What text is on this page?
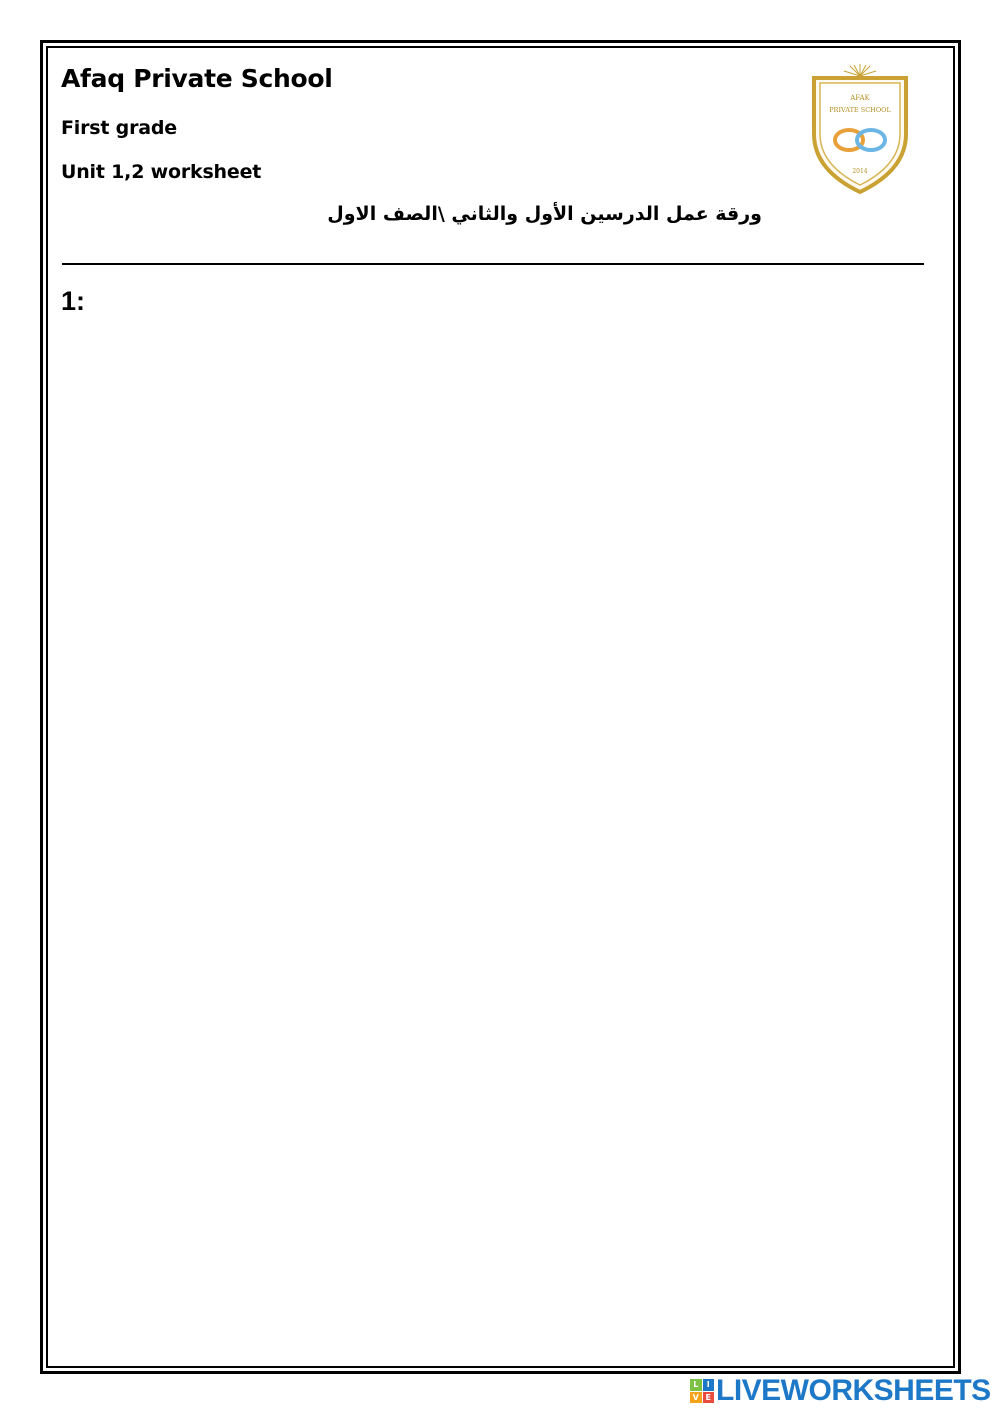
Afaq Private School
First grade
Unit 1,2 worksheet
ورقة عمل الدرسين الأول والثاني \الصف الاول
AFAK
PRIVATE SCHOOL
2014
1:
L	I
V E LIVEWORKSHEETS
